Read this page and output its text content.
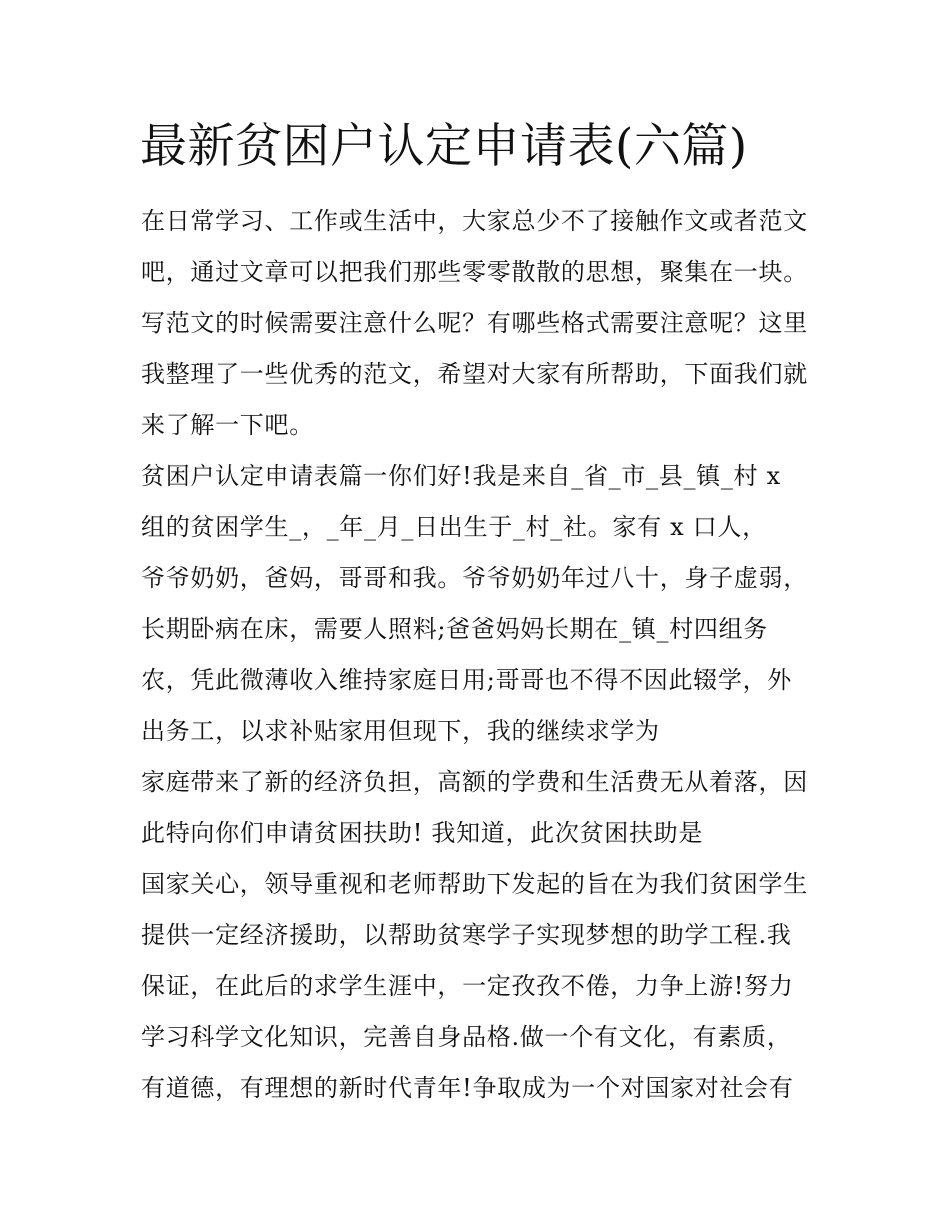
最新贫困户认定申请表(六篇)
在日常学习、工作或生活中，大家总少不了接触作文或者范文
吧，通过文章可以把我们那些零零散散的思想，聚集在一块。
写范文的时候需要注意什么呢？有哪些格式需要注意呢？这里
我整理了一些优秀的范文，希望对大家有所帮助，下面我们就
来了解一下吧。
贫困户认定申请表篇一你们好!我是来自_省_市_县_镇_村 x
组的贫困学生_，_年_月_日出生于_村_社。家有 x 口人，
爷爷奶奶，爸妈，哥哥和我。爷爷奶奶年过八十，身子虚弱，
长期卧病在床，需要人照料;爸爸妈妈长期在_镇_村四组务
农，凭此微薄收入维持家庭日用;哥哥也不得不因此辍学，外
出务工，以求补贴家用但现下，我的继续求学为
家庭带来了新的经济负担，高额的学费和生活费无从着落，因
此特向你们申请贫困扶助! 我知道，此次贫困扶助是
国家关心，领导重视和老师帮助下发起的旨在为我们贫困学生
提供一定经济援助，以帮助贫寒学子实现梦想的助学工程.我
保证，在此后的求学生涯中，一定孜孜不倦，力争上游!努力
学习科学文化知识，完善自身品格.做一个有文化，有素质，
有道德，有理想的新时代青年!争取成为一个对国家对社会有
